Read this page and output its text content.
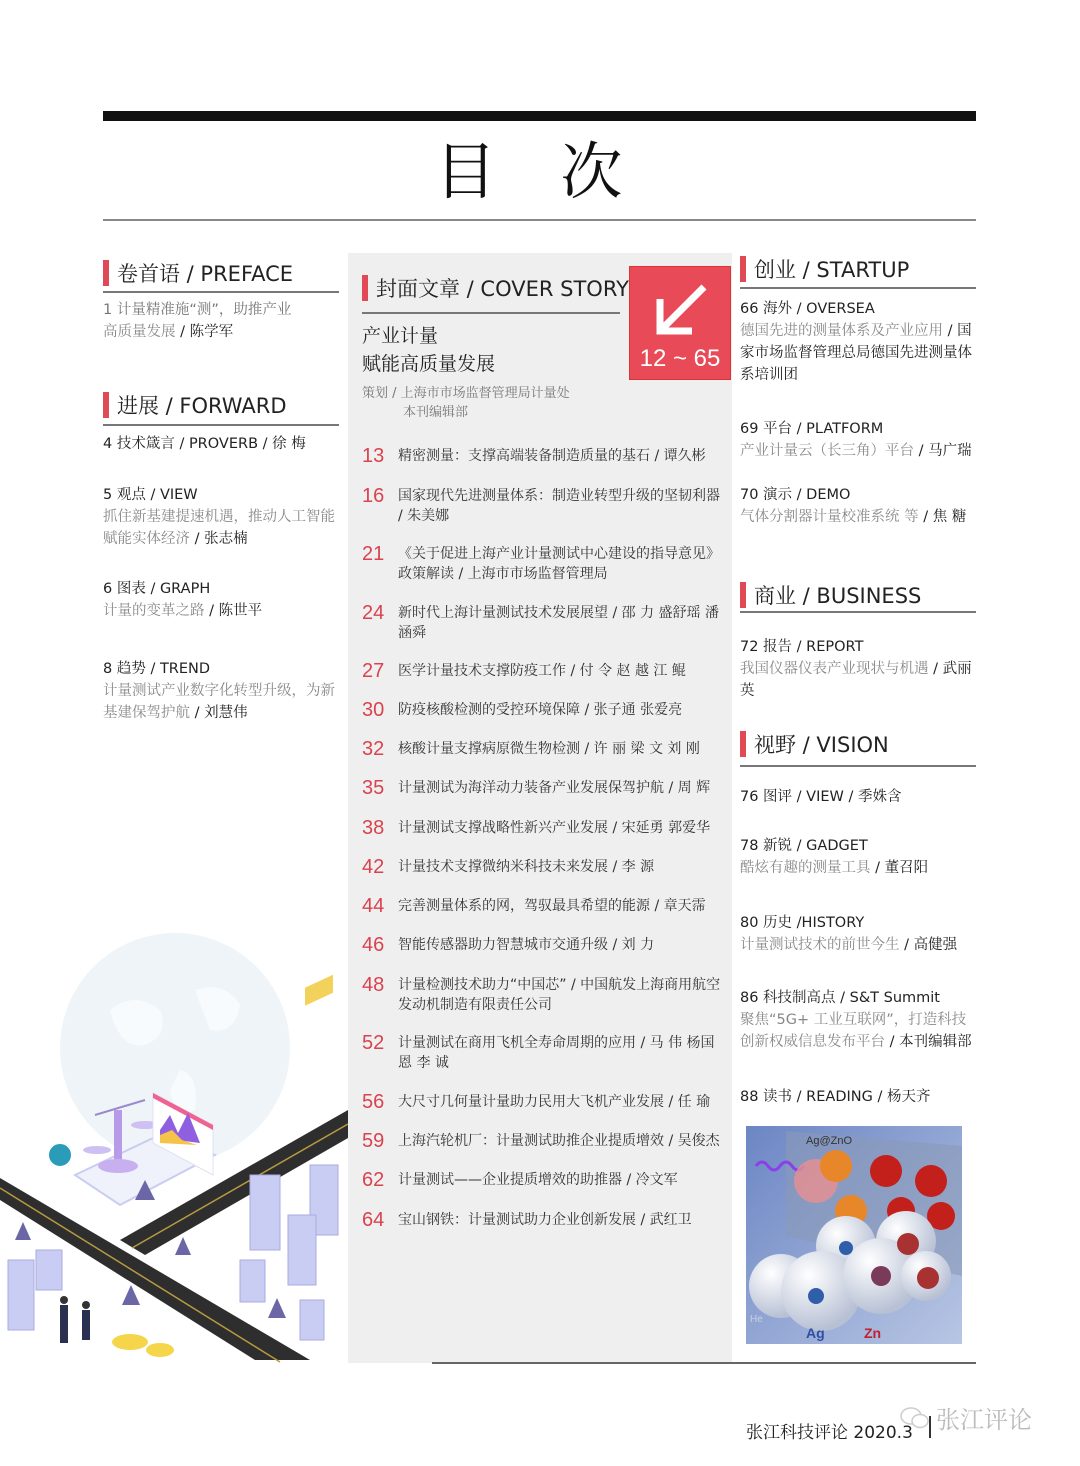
目 次
卷首语 / PREFACE
1 计量精准施“测”，助推产业
高质量发展 / 陈学军
进展 / FORWARD
4 技术箴言 / PROVERB / 徐 梅
5 观点 / VIEW
抓住新基建提速机遇，推动人工智能赋能实体经济 / 张志楠
6 图表 / GRAPH
计量的变革之路 / 陈世平
8 趋势 / TREND
计量测试产业数字化转型升级，为新基建保驾护航 / 刘慧伟
封面文章 / COVER STORY
产业计量
赋能高质量发展
策划 / 上海市市场监督管理局计量处
本刊编辑部
12 ~ 65
13 精密测量：支撑高端装备制造质量的基石 / 谭久彬
16 国家现代先进测量体系：制造业转型升级的坚韧利器 / 朱美娜
21 《关于促进上海产业计量测试中心建设的指导意见》政策解读 / 上海市市场监督管理局
24 新时代上海计量测试技术发展展望 / 邵 力 盛舒瑶 潘涵舜
27 医学计量技术支撑防疫工作 / 付 令 赵 越 江 鲲
30 防疫核酸检测的受控环境保障 / 张子通 张爱亮
32 核酸计量支撑病原微生物检测 / 许 丽 梁 文 刘 刚
35 计量测试为海洋动力装备产业发展保驾护航 / 周 辉
38 计量测试支撑战略性新兴产业发展 / 宋延勇 郭爱华
42 计量技术支撑微纳米科技未来发展 / 李 源
44 完善测量体系的网，驾驭最具希望的能源 / 章天霈
46 智能传感器助力智慧城市交通升级 / 刘 力
48 计量检测技术助力“中国芯” / 中国航发上海商用航空发动机制造有限责任公司
52 计量测试在商用飞机全寿命周期的应用 / 马 伟 杨国恩 李 诚
56 大尺寸几何量计量助力民用大飞机产业发展 / 任 瑜
59 上海汽轮机厂：计量测试助推企业提质增效 / 吴俊杰
62 计量测试——企业提质增效的助推器 / 冷文军
64 宝山钢铁：计量测试助力企业创新发展 / 武红卫
创业 / STARTUP
66 海外 / OVERSEA
德国先进的测量体系及产业应用 / 国家市场监督管理总局德国先进测量体系培训团
69 平台 / PLATFORM
产业计量云（长三角）平台 / 马广瑞
70 演示 / DEMO
气体分割器计量校准系统 等 / 焦 糖
商业 / BUSINESS
72 报告 / REPORT
我国仪器仪表产业现状与机遇 / 武丽英
视野 / VISION
76 图评 / VIEW / 季姝含
78 新锐 / GADGET
酷炫有趣的测量工具 / 董召阳
80 历史 /HISTORY
计量测试技术的前世今生 / 高健强
86 科技制高点 / S&T Summit
聚焦“5G+ 工业互联网”，打造科技创新权威信息发布平台 / 本刊编辑部
88 读书 / READING / 杨天齐
Ag@ZnO
Ag	Zn
He
张江科技评论 2020.3 张江评论
